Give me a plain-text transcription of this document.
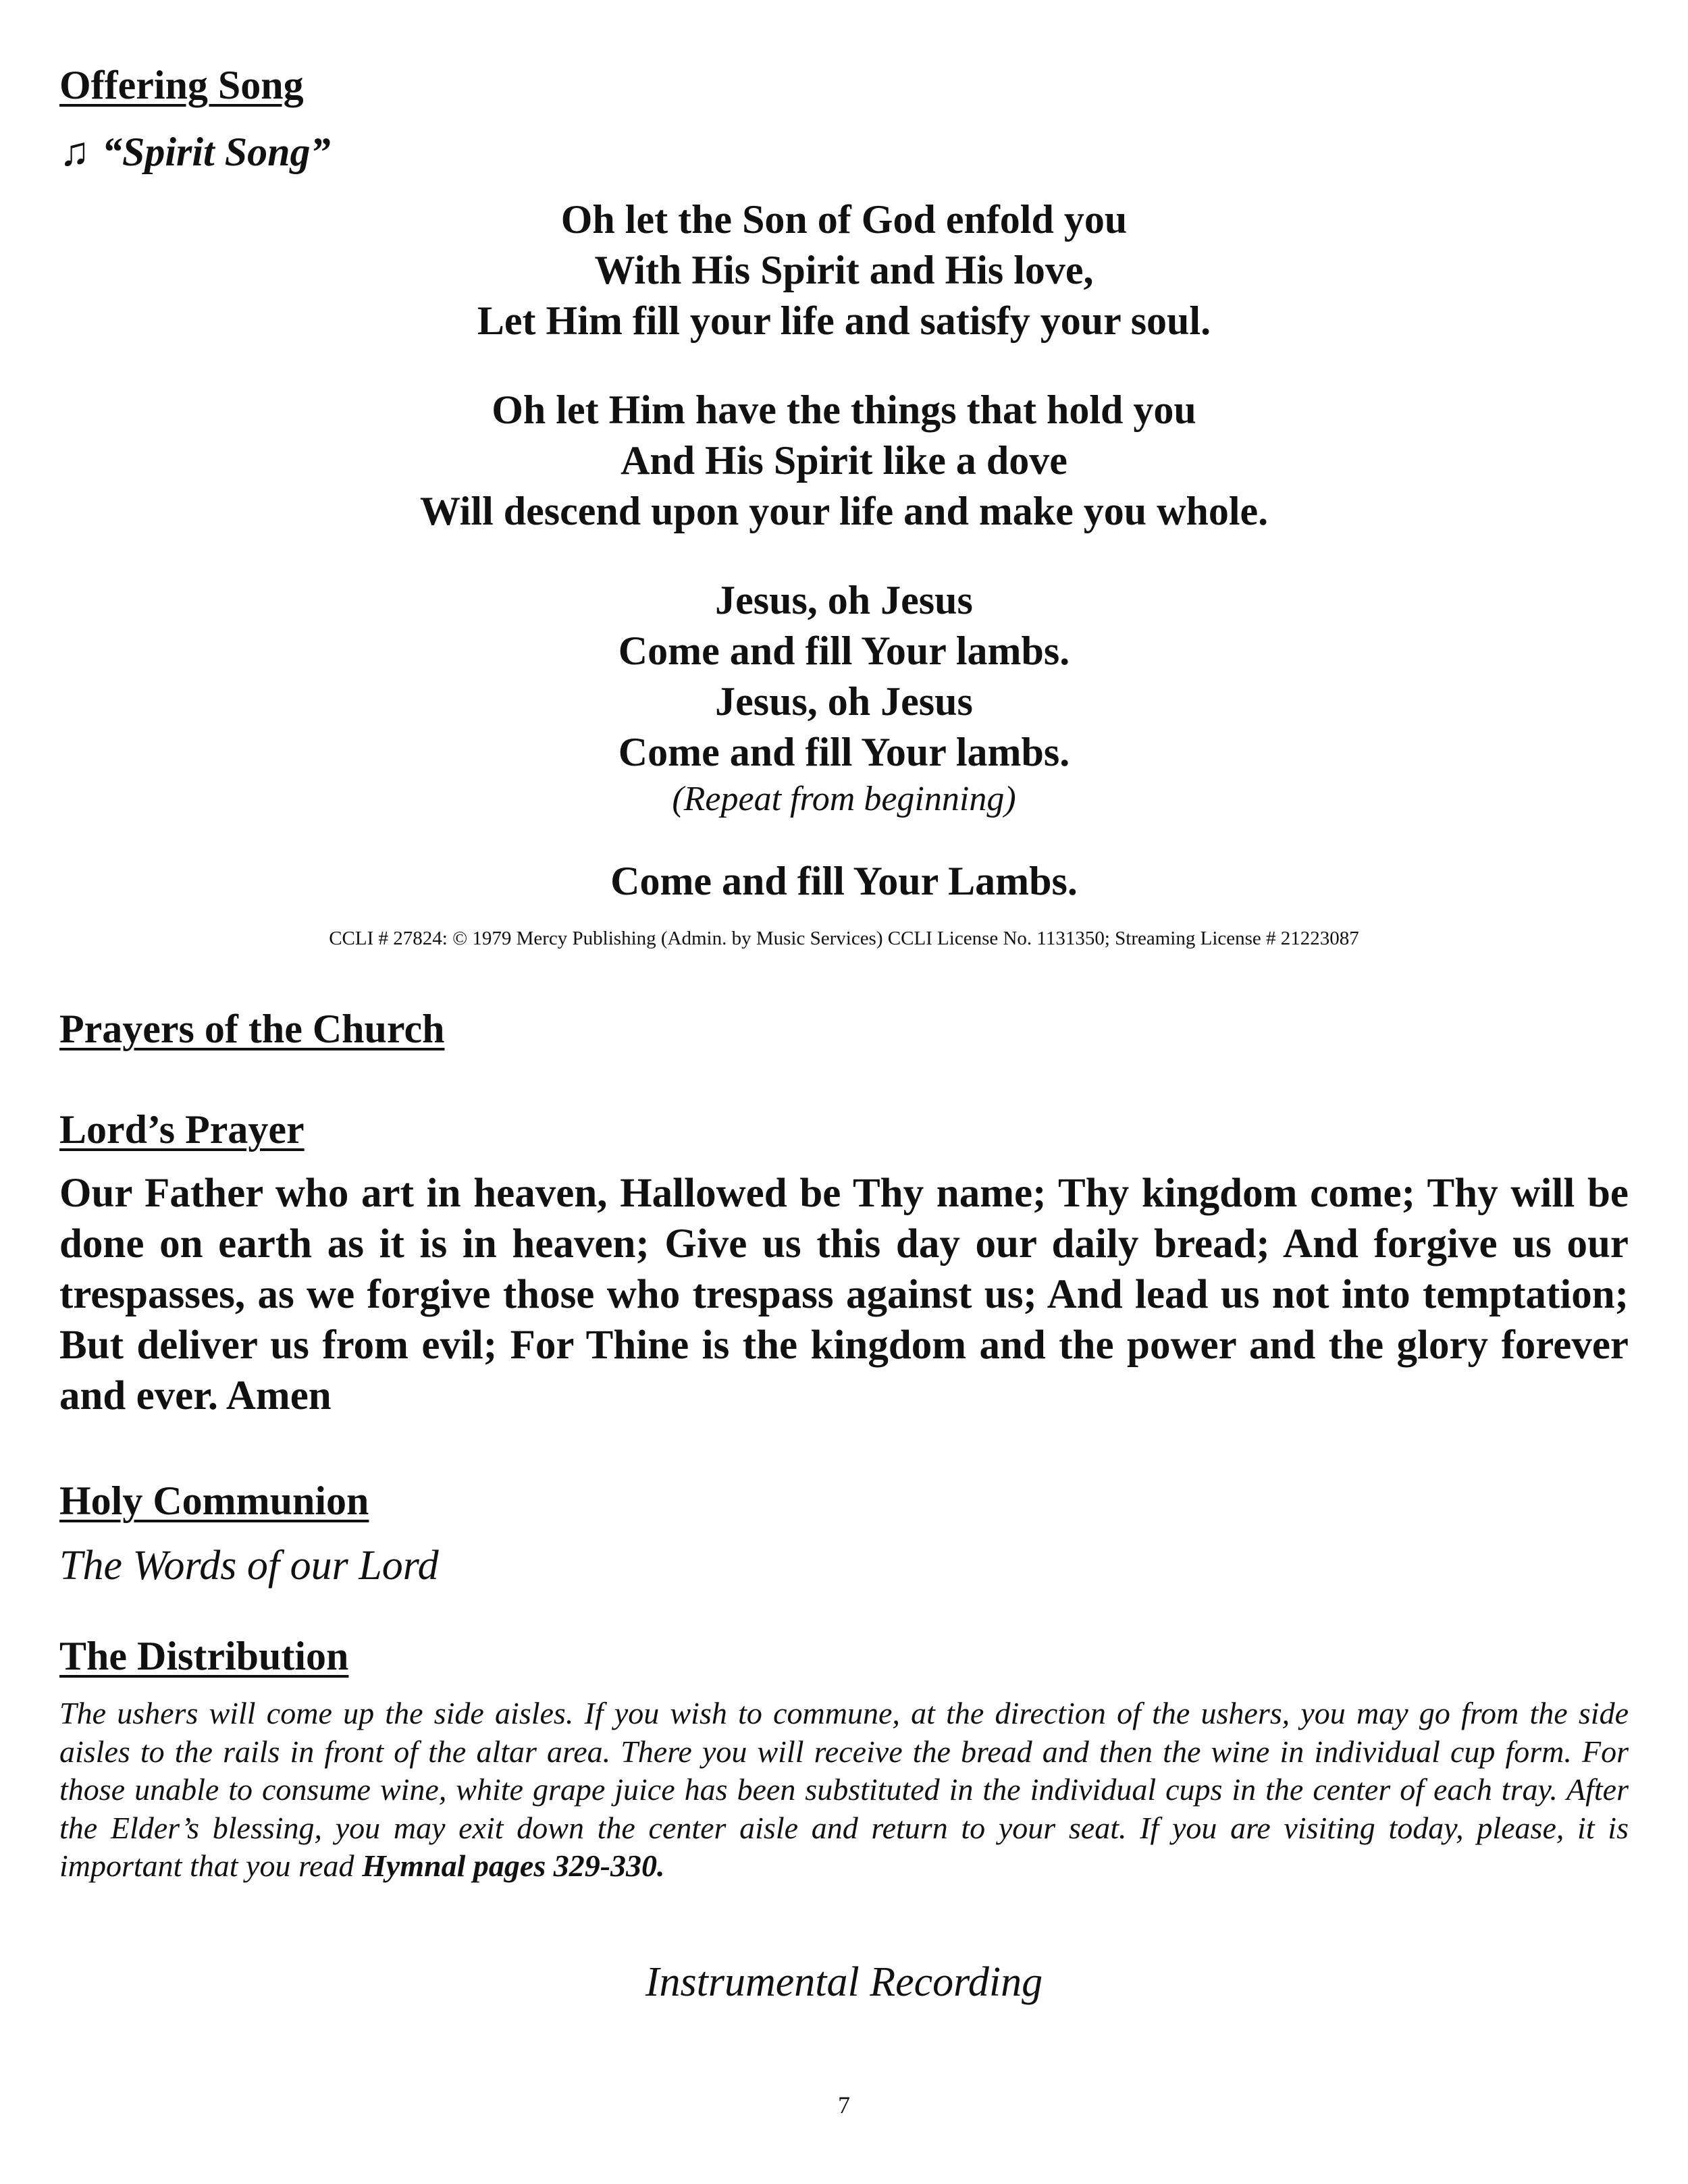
Offering Song
♫ “Spirit Song”
Oh let the Son of God enfold you
With His Spirit and His love,
Let Him fill your life and satisfy your soul.
Oh let Him have the things that hold you
And His Spirit like a dove
Will descend upon your life and make you whole.
Jesus, oh Jesus
Come and fill Your lambs.
Jesus, oh Jesus
Come and fill Your lambs.
(Repeat from beginning)
Come and fill Your Lambs.
CCLI # 27824: © 1979 Mercy Publishing (Admin. by Music Services) CCLI License No. 1131350; Streaming License # 21223087
Prayers of the Church
Lord’s Prayer
Our Father who art in heaven, Hallowed be Thy name; Thy kingdom come; Thy will be done on earth as it is in heaven; Give us this day our daily bread; And forgive us our trespasses, as we forgive those who trespass against us; And lead us not into temptation; But deliver us from evil; For Thine is the kingdom and the power and the glory forever and ever. Amen
Holy Communion
The Words of our Lord
The Distribution
The ushers will come up the side aisles. If you wish to commune, at the direction of the ushers, you may go from the side aisles to the rails in front of the altar area. There you will receive the bread and then the wine in individual cup form. For those unable to consume wine, white grape juice has been substituted in the individual cups in the center of each tray. After the Elder’s blessing, you may exit down the center aisle and return to your seat. If you are visiting today, please, it is important that you read Hymnal pages 329-330.
Instrumental Recording
7
